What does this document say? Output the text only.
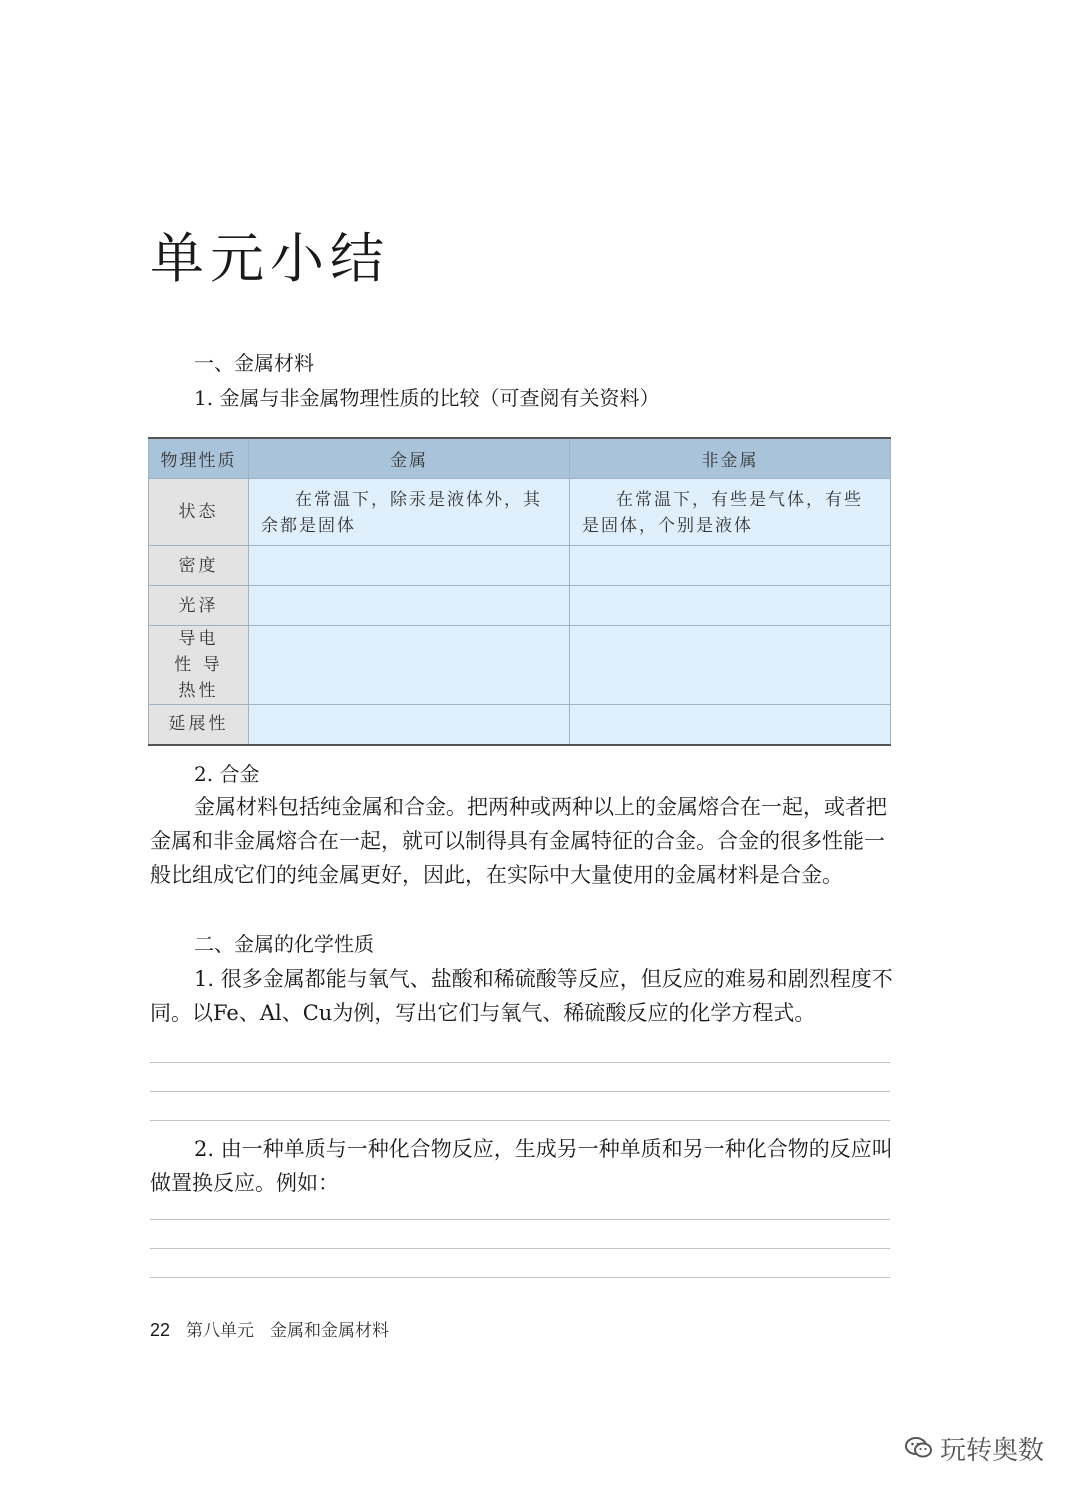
单元小结
一、金属材料
1. 金属与非金属物理性质的比较（可查阅有关资料）
物理性质	金属	非金属
状态	在常温下，除汞是液体外，其余都是固体	在常温下，有些是气体，有些是固体，个别是液体
密度		
光泽		
导电性 导热性		
延展性		
2. 合金
金属材料包括纯金属和合金。把两种或两种以上的金属熔合在一起，或者把金属和非金属熔合在一起，就可以制得具有金属特征的合金。合金的很多性能一般比组成它们的纯金属更好，因此，在实际中大量使用的金属材料是合金。
二、金属的化学性质
1. 很多金属都能与氧气、盐酸和稀硫酸等反应，但反应的难易和剧烈程度不同。以Fe、Al、Cu为例，写出它们与氧气、稀硫酸反应的化学方程式。
2. 由一种单质与一种化合物反应，生成另一种单质和另一种化合物的反应叫做置换反应。例如：
22 第八单元 金属和金属材料
玩转奥数
